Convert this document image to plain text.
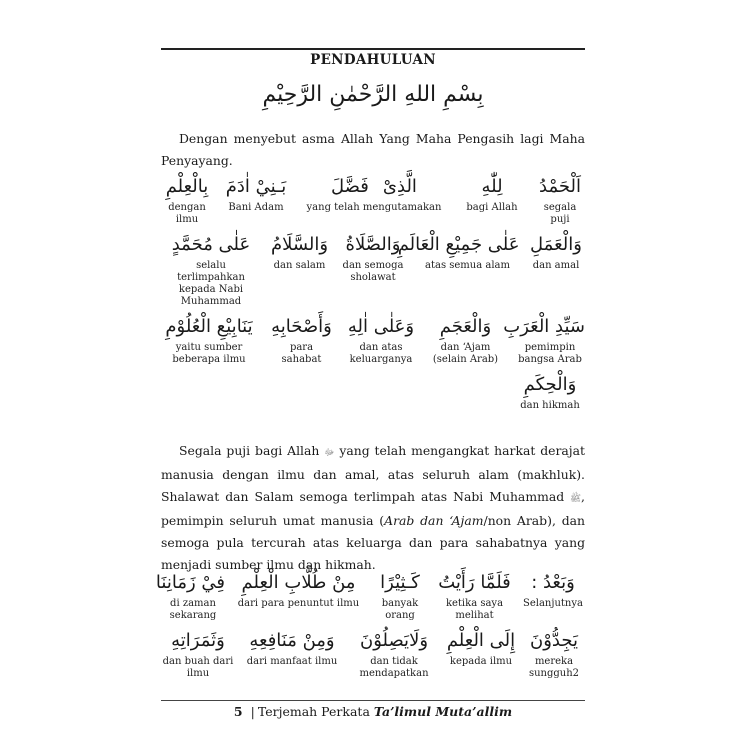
PENDAHULUAN
بِسْمِ اللهِ الرَّحْمٰنِ الرَّحِيْمِ
Dengan menyebut asma Allah Yang Maha Pengasih lagi Maha Penyayang.
اَلْحَمْدُ
segala puji
لِلّٰهِ
bagi Allah
الَّذِىْ
فَضَّلَ
yang telah mengutamakan
بَـنِيْ اٰدَمَ
Bani Adam
بِالْعِلْمِ
dengan ilmu
وَالْعَمَلِ
dan amal
عَلٰى جَمِيْعِ الْعَالَمِ
atas semua alam
وَالصَّلَاةُ
dan semoga sholawat
وَالسَّلَامُ
dan salam
عَلٰى مُحَمَّدٍ
selalu terlimpahkan kepada Nabi Muhammad
سَيِّدِ الْعَرَبِ
pemimpin bangsa Arab
وَالْعَجَمِ
dan ‘Ajam (selain Arab)
وَعَلٰى اٰلِهِ
dan atas keluarganya
وَأَصْحَابِهِ
para sahabat
يَنَابِيْعِ الْعُلُوْمِ
yaitu sumber beberapa ilmu
وَالْحِكَمِ
dan hikmah
Segala puji bagi Allah ﷻ yang telah mengangkat harkat derajat manusia dengan ilmu dan amal, atas seluruh alam (makhluk). Shalawat dan Salam semoga terlimpah atas Nabi Muhammad ﷺ, pemimpin seluruh umat manusia (Arab dan ‘Ajam/non Arab), dan semoga pula tercurah atas keluarga dan para sahabatnya yang menjadi sumber ilmu dan hikmah.
وَبَعْدُ :
Selanjutnya
فَلَمَّا رَأَيْتُ
ketika saya melihat
كَـثِيْرًا
banyak orang
مِنْ طُلَّابِ الْعِلْمِ
dari para penuntut ilmu
فِيْ زَمَانِنَا
di zaman sekarang
يَجِدُّوْنَ
mereka sungguh2
إِلَى الْعِلْمِ
kepada ilmu
وَلَايَصِلُوْنَ
dan tidak mendapatkan
وَمِنْ مَنَافِعِهِ
dari manfaat ilmu
وَثَمَرَاتِهِ
dan buah dari ilmu
5 | Terjemah Perkata Ta’limul Muta’allim
